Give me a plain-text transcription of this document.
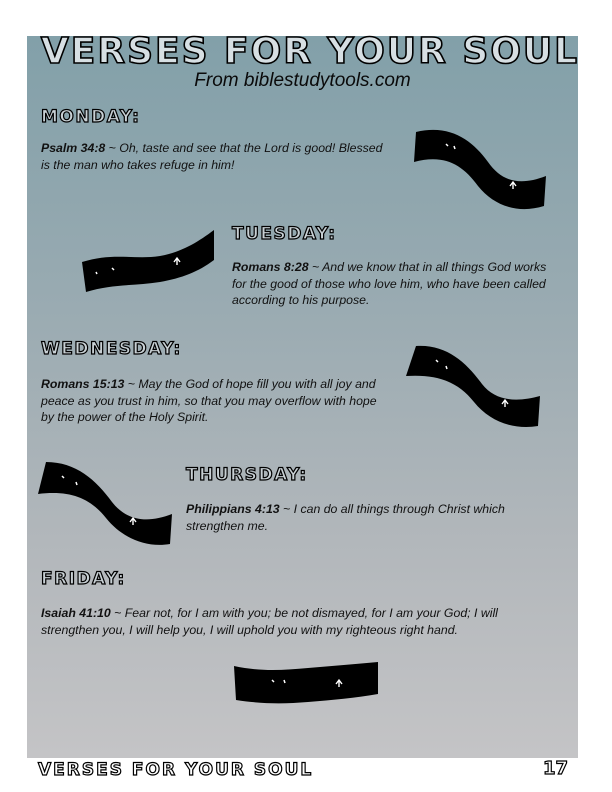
VERSES FOR YOUR SOUL
From biblestudytools.com
MONDAY:
Psalm 34:8 ~ Oh, taste and see that the Lord is good! Blessed is the man who takes refuge in him!
TUESDAY:
Romans 8:28 ~ And we know that in all things God works for the good of those who love him, who have been called according to his purpose.
WEDNESDAY:
Romans 15:13 ~ May the God of hope fill you with all joy and peace as you trust in him, so that you may overflow with hope by the power of the Holy Spirit.
THURSDAY:
Philippians 4:13 ~ I can do all things through Christ which strengthen me.
FRIDAY:
Isaiah 41:10 ~ Fear not, for I am with you; be not dismayed, for I am your God; I will strengthen you, I will help you, I will uphold you with my righteous right hand.
VERSES FOR YOUR SOUL	17
